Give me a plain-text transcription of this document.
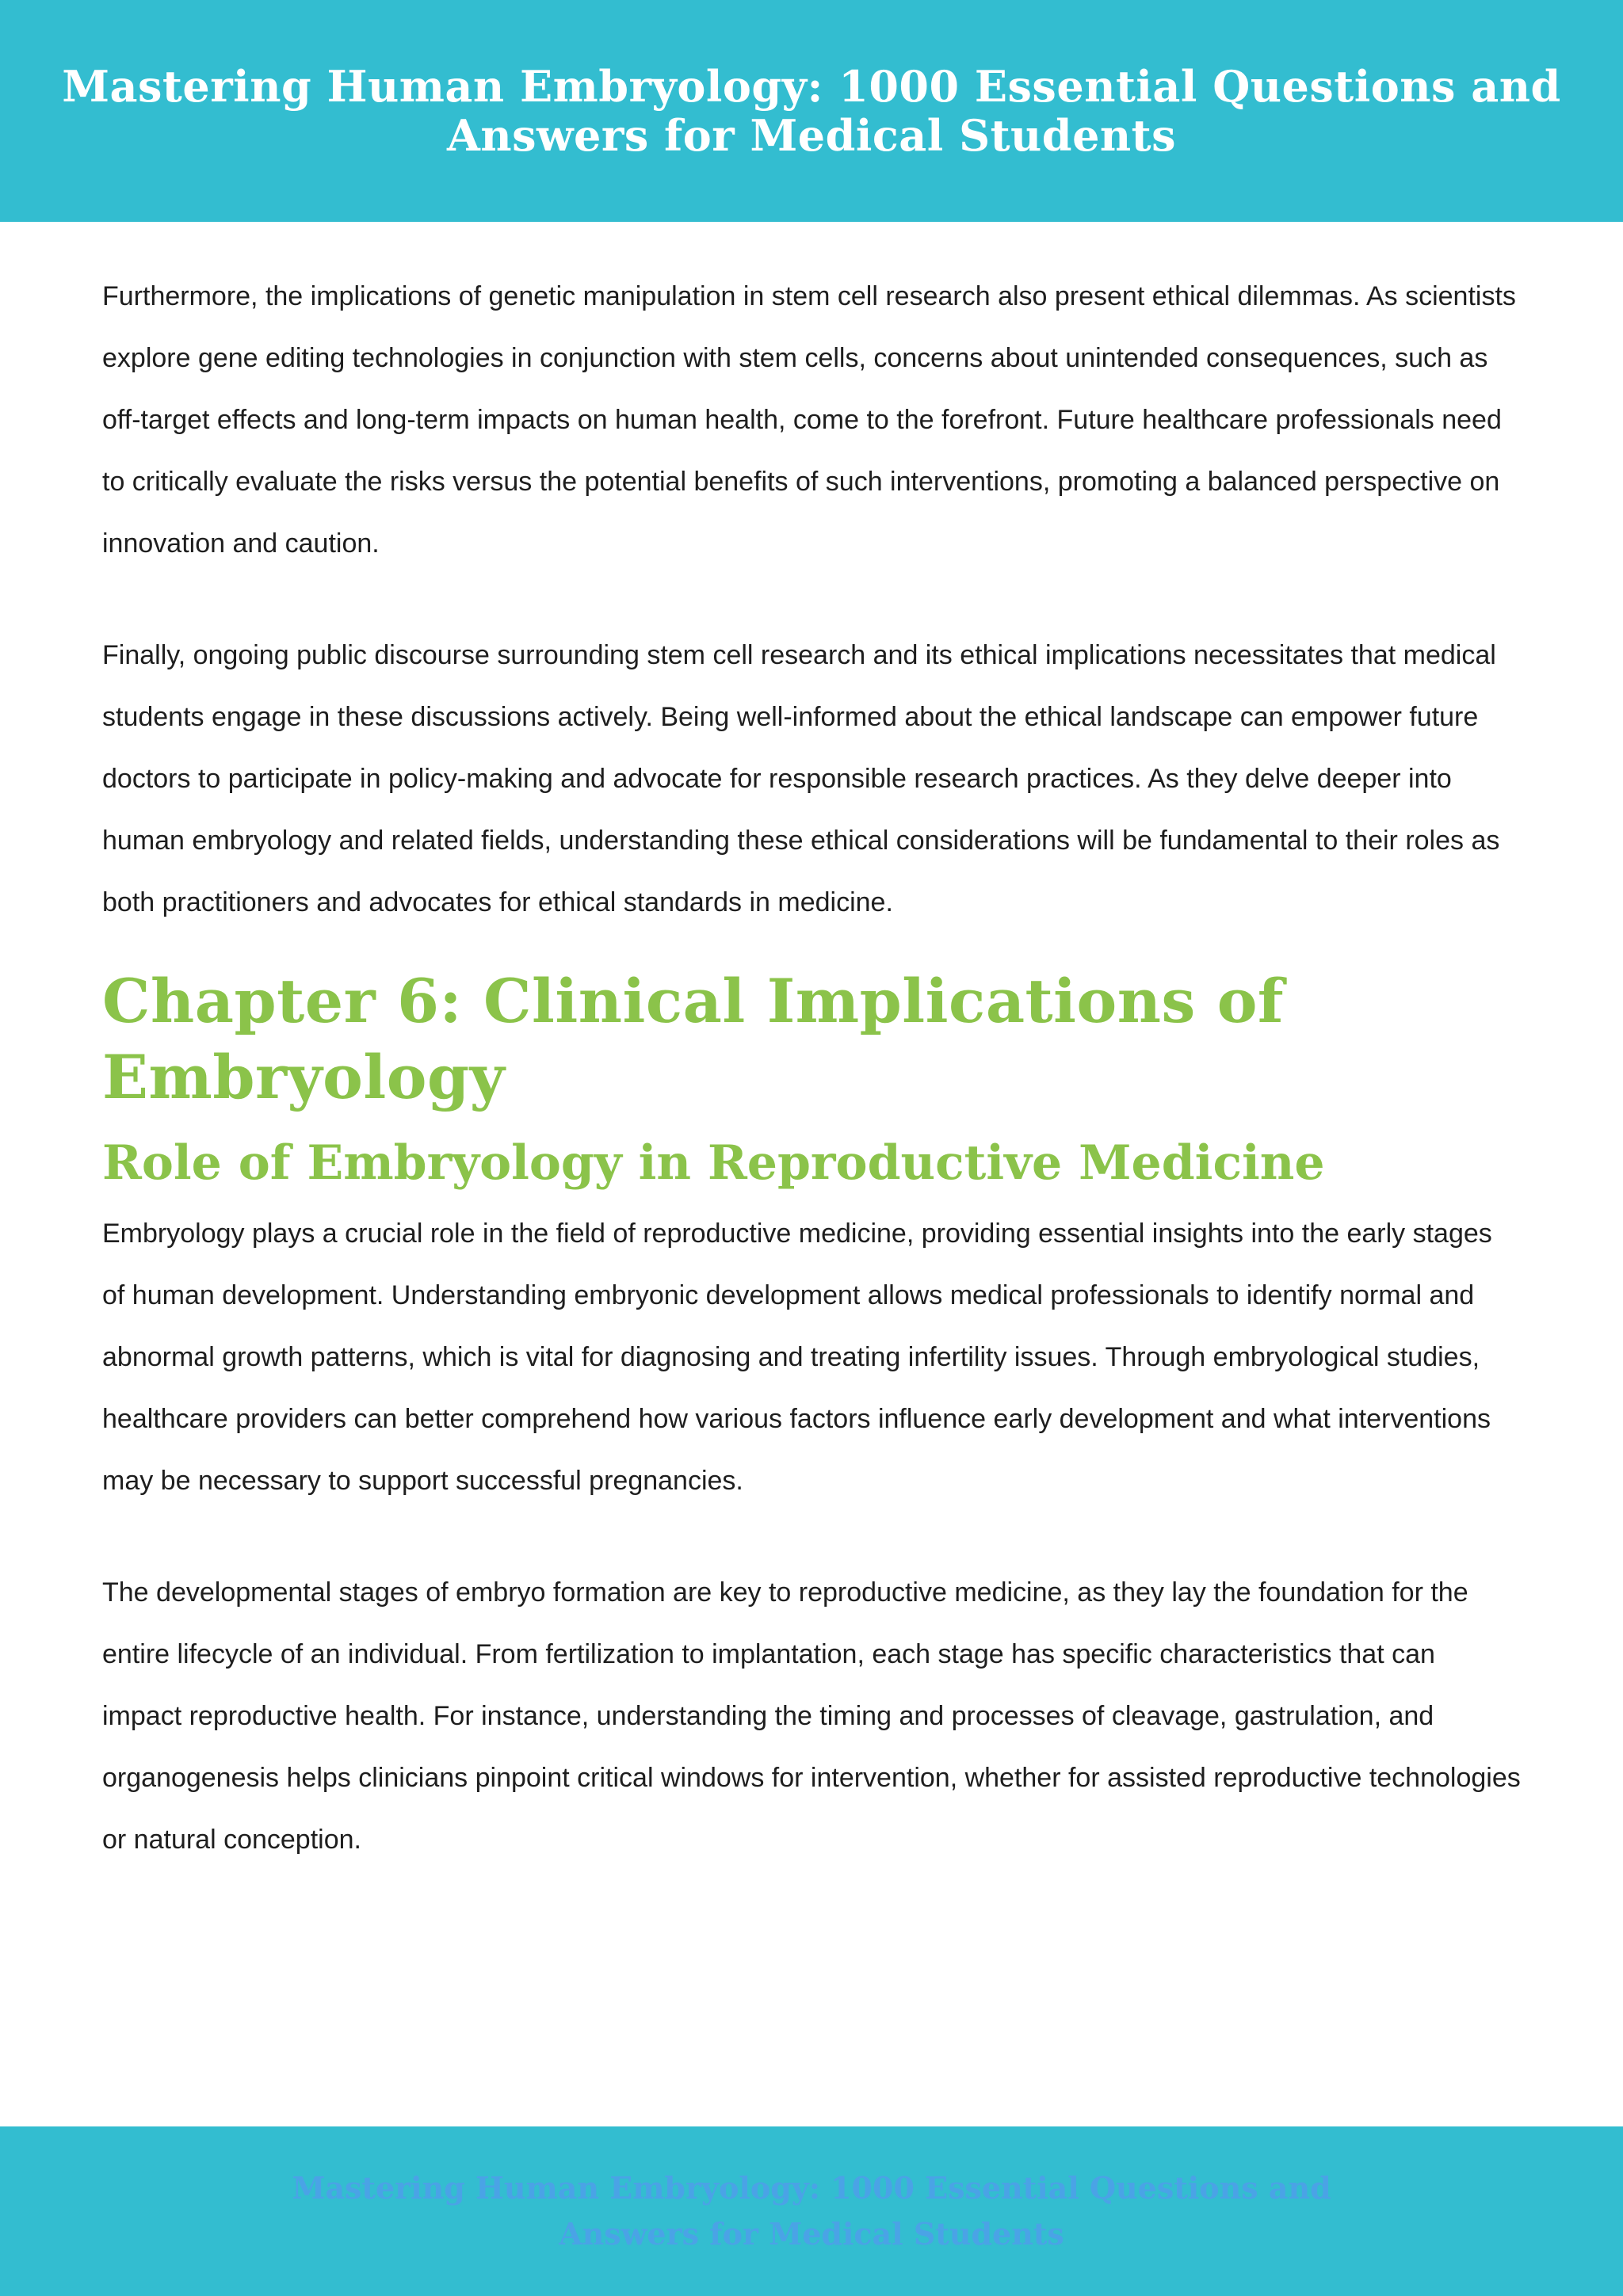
Mastering Human Embryology: 1000 Essential Questions and Answers for Medical Students

Furthermore, the implications of genetic manipulation in stem cell research also present ethical dilemmas. As scientists explore gene editing technologies in conjunction with stem cells, concerns about unintended consequences, such as off-target effects and long-term impacts on human health, come to the forefront. Future healthcare professionals need to critically evaluate the risks versus the potential benefits of such interventions, promoting a balanced perspective on innovation and caution.

Finally, ongoing public discourse surrounding stem cell research and its ethical implications necessitates that medical students engage in these discussions actively. Being well-informed about the ethical landscape can empower future doctors to participate in policy-making and advocate for responsible research practices. As they delve deeper into human embryology and related fields, understanding these ethical considerations will be fundamental to their roles as both practitioners and advocates for ethical standards in medicine.

Chapter 6: Clinical Implications of Embryology
Role of Embryology in Reproductive Medicine

Embryology plays a crucial role in the field of reproductive medicine, providing essential insights into the early stages of human development. Understanding embryonic development allows medical professionals to identify normal and abnormal growth patterns, which is vital for diagnosing and treating infertility issues. Through embryological studies, healthcare providers can better comprehend how various factors influence early development and what interventions may be necessary to support successful pregnancies.

The developmental stages of embryo formation are key to reproductive medicine, as they lay the foundation for the entire lifecycle of an individual. From fertilization to implantation, each stage has specific characteristics that can impact reproductive health. For instance, understanding the timing and processes of cleavage, gastrulation, and organogenesis helps clinicians pinpoint critical windows for intervention, whether for assisted reproductive technologies or natural conception.

Mastering Human Embryology: 1000 Essential Questions and Answers for Medical Students
